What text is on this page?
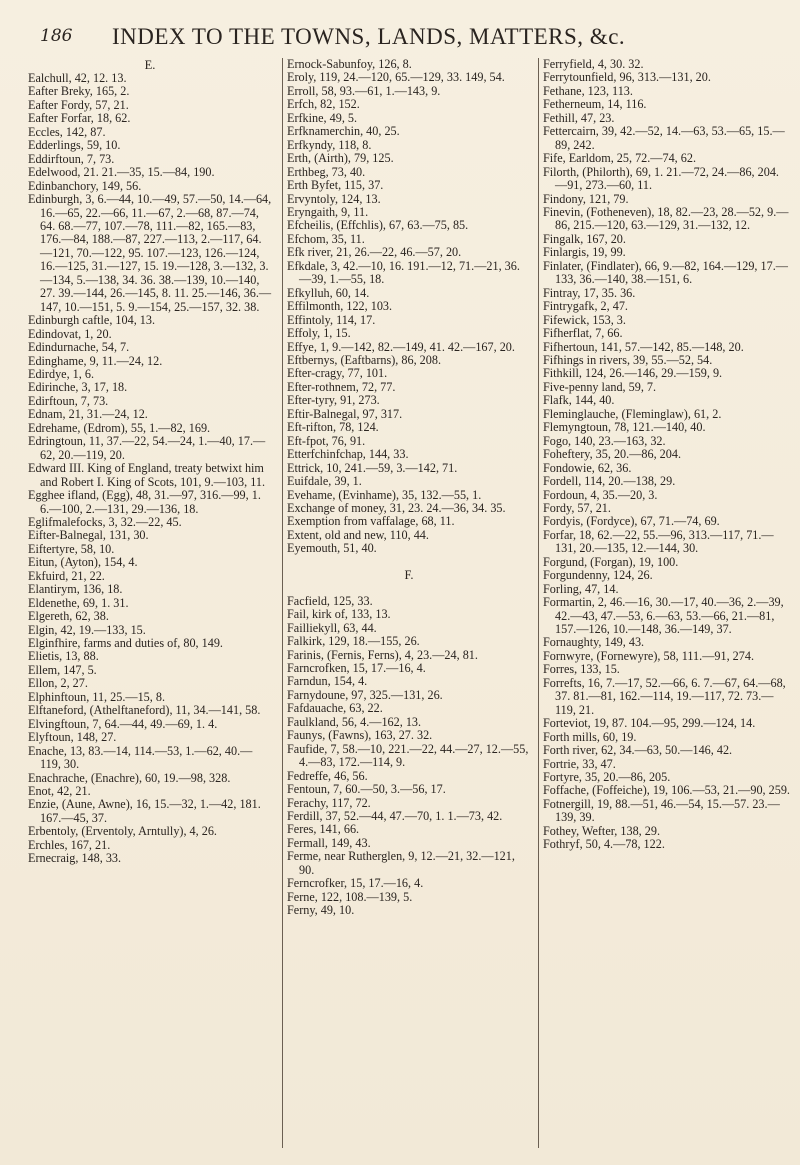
186 INDEX TO THE TOWNS, LANDS, MATTERS, &c.
E.

Ealchull, 42, 12. 13.

Eafter Breky, 165, 2.

Eafter Fordy, 57, 21.

Eafter Forfar, 18, 62.

Eccles, 142, 87.

Edderlings, 59, 10.

Eddirftoun, 7, 73.

Edelwood, 21. 21.—35, 15.—84, 190.

Edinbanchory, 149, 56.

Edinburgh, 3, 6.—44, 10.—49, 57.—50, 14.—64, 16.—65, 22.—66, 11.—67, 2.—68, 87.—74, 64. 68.—77, 107.—78, 111.—82, 165.—83, 176.—84, 188.—87, 227.—113, 2.—117, 64.—121, 70.—122, 95. 107.—123, 126.—124, 16.—125, 31.—127, 15. 19.—128, 3.—132, 3.—134, 5.—138, 34. 36. 38.—139, 10.—140, 27. 39.—144, 26.—145, 8. 11. 25.—146, 36.—147, 10.—151, 5. 9.—154, 25.—157, 32. 38.

Edinburgh caftle, 104, 13.

Edindovat, 1, 20.

Edindurnache, 54, 7.

Edinghame, 9, 11.—24, 12.

Edirdye, 1, 6.

Edirinche, 3, 17, 18.

Edirftoun, 7, 73.

Ednam, 21, 31.—24, 12.

Edrehame, (Edrom), 55, 1.—82, 169.

Edringtoun, 11, 37.—22, 54.—24, 1.—40, 17.—62, 20.—119, 20.

Edward III. King of England, treaty betwixt him and Robert I. King of Scots, 101, 9.—103, 11.

Egghee ifland, (Egg), 48, 31.—97, 316.—99, 1. 6.—100, 2.—131, 29.—136, 18.

Eglifmalefocks, 3, 32.—22, 45.

Eifter-Balnegal, 131, 30.

Eiftertyre, 58, 10.

Eitun, (Ayton), 154, 4.

Ekfuird, 21, 22.

Elantirym, 136, 18.

Eldenethe, 69, 1. 31.

Elgereth, 62, 38.

Elgin, 42, 19.—133, 15.

Elginfhire, farms and duties of, 80, 149.

Elietis, 13, 88.

Ellem, 147, 5.

Ellon, 2, 27.

Elphinftoun, 11, 25.—15, 8.

Elftaneford, (Athelftaneford), 11, 34.—141, 58.

Elvingftoun, 7, 64.—44, 49.—69, 1. 4.

Elyftoun, 148, 27.

Enache, 13, 83.—14, 114.—53, 1.—62, 40.—119, 30.

Enachrache, (Enachre), 60, 19.—98, 328.

Enot, 42, 21.

Enzie, (Aune, Awne), 16, 15.—32, 1.—42, 181. 167.—45, 37.

Erbentoly, (Erventoly, Arntully), 4, 26.

Erchles, 167, 21.

Ernecraig, 148, 33.

Ernock-Sabunfoy, 126, 8.

Eroly, 119, 24.—120, 65.—129, 33. 149, 54.

Erroll, 58, 93.—61, 1.—143, 9.

Erfch, 82, 152.

Erfkine, 49, 5.

Erfknamerchin, 40, 25.

Erfkyndy, 118, 8.

Erth, (Airth), 79, 125.

Erthbeg, 73, 40.

Erth Byfet, 115, 37.

Ervyntoly, 124, 13.

Eryngaith, 9, 11.

Efcheilis, (Effchlis), 67, 63.—75, 85.

Efchom, 35, 11.

Efk river, 21, 26.—22, 46.—57, 20.

Efkdale, 3, 42.—10, 16. 191.—12, 71.—21, 36.—39, 1.—55, 18.

Efkylluh, 60, 14.

Effilmonth, 122, 103.

Effintoly, 114, 17.

Effoly, 1, 15.

Effye, 1, 9.—142, 82.—149, 41. 42.—167, 20.

Eftbernys, (Eaftbarns), 86, 208.

Efter-cragy, 77, 101.

Efter-rothnem, 72, 77.

Efter-tyry, 91, 273.

Eftir-Balnegal, 97, 317.

Eft-rifton, 78, 124.

Eft-fpot, 76, 91.

Etterfchinfchap, 144, 33.

Ettrick, 10, 241.—59, 3.—142, 71.

Euifdale, 39, 1.

Evehame, (Evinhame), 35, 132.—55, 1.

Exchange of money, 31, 23. 24.—36, 34. 35.

Exemption from vaffalage, 68, 11.

Extent, old and new, 110, 44.

Eyemouth, 51, 40.

F.

Facfield, 125, 33.

Fail, kirk of, 133, 13.

Failliekyll, 63, 44.

Falkirk, 129, 18.—155, 26.

Farinis, (Fernis, Ferns), 4, 23.—24, 81.

Farncrofken, 15, 17.—16, 4.

Farndun, 154, 4.

Farnydoune, 97, 325.—131, 26.

Fafdauache, 63, 22.

Faulkland, 56, 4.—162, 13.

Faunys, (Fawns), 163, 27. 32.

Faufide, 7, 58.—10, 221.—22, 44.—27, 12.—55, 4.—83, 172.—114, 9.

Fedreffe, 46, 56.

Fentoun, 7, 60.—50, 3.—56, 17.

Ferachy, 117, 72.

Ferdill, 37, 52.—44, 47.—70, 1. 1.—73, 42.

Feres, 141, 66.

Fermall, 149, 43.

Ferme, near Rutherglen, 9, 12.—21, 32.—121, 90.

Ferncrofker, 15, 17.—16, 4.

Ferne, 122, 108.—139, 5.

Ferny, 49, 10.

Ferryfield, 4, 30. 32.

Ferrytounfield, 96, 313.—131, 20.

Fethane, 123, 113.

Fetherneum, 14, 116.

Fethill, 47, 23.

Fettercairn, 39, 42.—52, 14.—63, 53.—65, 15.—89, 242.

Fife, Earldom, 25, 72.—74, 62.

Filorth, (Philorth), 69, 1. 21.—72, 24.—86, 204.—91, 273.—60, 11.

Findony, 121, 79.

Finevin, (Fotheneven), 18, 82.—23, 28.—52, 9.—86, 215.—120, 63.—129, 31.—132, 12.

Fingalk, 167, 20.

Finlargis, 19, 99.

Finlater, (Findlater), 66, 9.—82, 164.—129, 17.—133, 36.—140, 38.—151, 6.

Fintray, 17, 35. 36.

Fintrygafk, 2, 47.

Fifewick, 153, 3.

Fifherflat, 7, 66.

Fifhertoun, 141, 57.—142, 85.—148, 20.

Fifhings in rivers, 39, 55.—52, 54.

Fithkill, 124, 26.—146, 29.—159, 9.

Five-penny land, 59, 7.

Flafk, 144, 40.

Fleminglauche, (Fleminglaw), 61, 2.

Flemyngtoun, 78, 121.—140, 40.

Fogo, 140, 23.—163, 32.

Foheftery, 35, 20.—86, 204.

Fondowie, 62, 36.

Fordell, 114, 20.—138, 29.

Fordoun, 4, 35.—20, 3.

Fordy, 57, 21.

Fordyis, (Fordyce), 67, 71.—74, 69.

Forfar, 18, 62.—22, 55.—96, 313.—117, 71.—131, 20.—135, 12.—144, 30.

Forgund, (Forgan), 19, 100.

Forgundenny, 124, 26.

Forling, 47, 14.

Formartin, 2, 46.—16, 30.—17, 40.—36, 2.—39, 42.—43, 47.—53, 6.—63, 53.—66, 21.—81, 157.—126, 10.—148, 36.—149, 37.

Fornaughty, 149, 43.

Fornwyre, (Fornewyre), 58, 111.—91, 274.

Forres, 133, 15.

Forrefts, 16, 7.—17, 52.—66, 6. 7.—67, 64.—68, 37. 81.—81, 162.—114, 19.—117, 72. 73.—119, 21.

Forteviot, 19, 87. 104.—95, 299.—124, 14.

Forth mills, 60, 19.

Forth river, 62, 34.—63, 50.—146, 42.

Fortrie, 33, 47.

Fortyre, 35, 20.—86, 205.

Foffache, (Foffeiche), 19, 106.—53, 21.—90, 259.

Fotnergill, 19, 88.—51, 46.—54, 15.—57. 23.—139, 39.

Fothey, Wefter, 138, 29.

Fothryf, 50, 4.—78, 122.
